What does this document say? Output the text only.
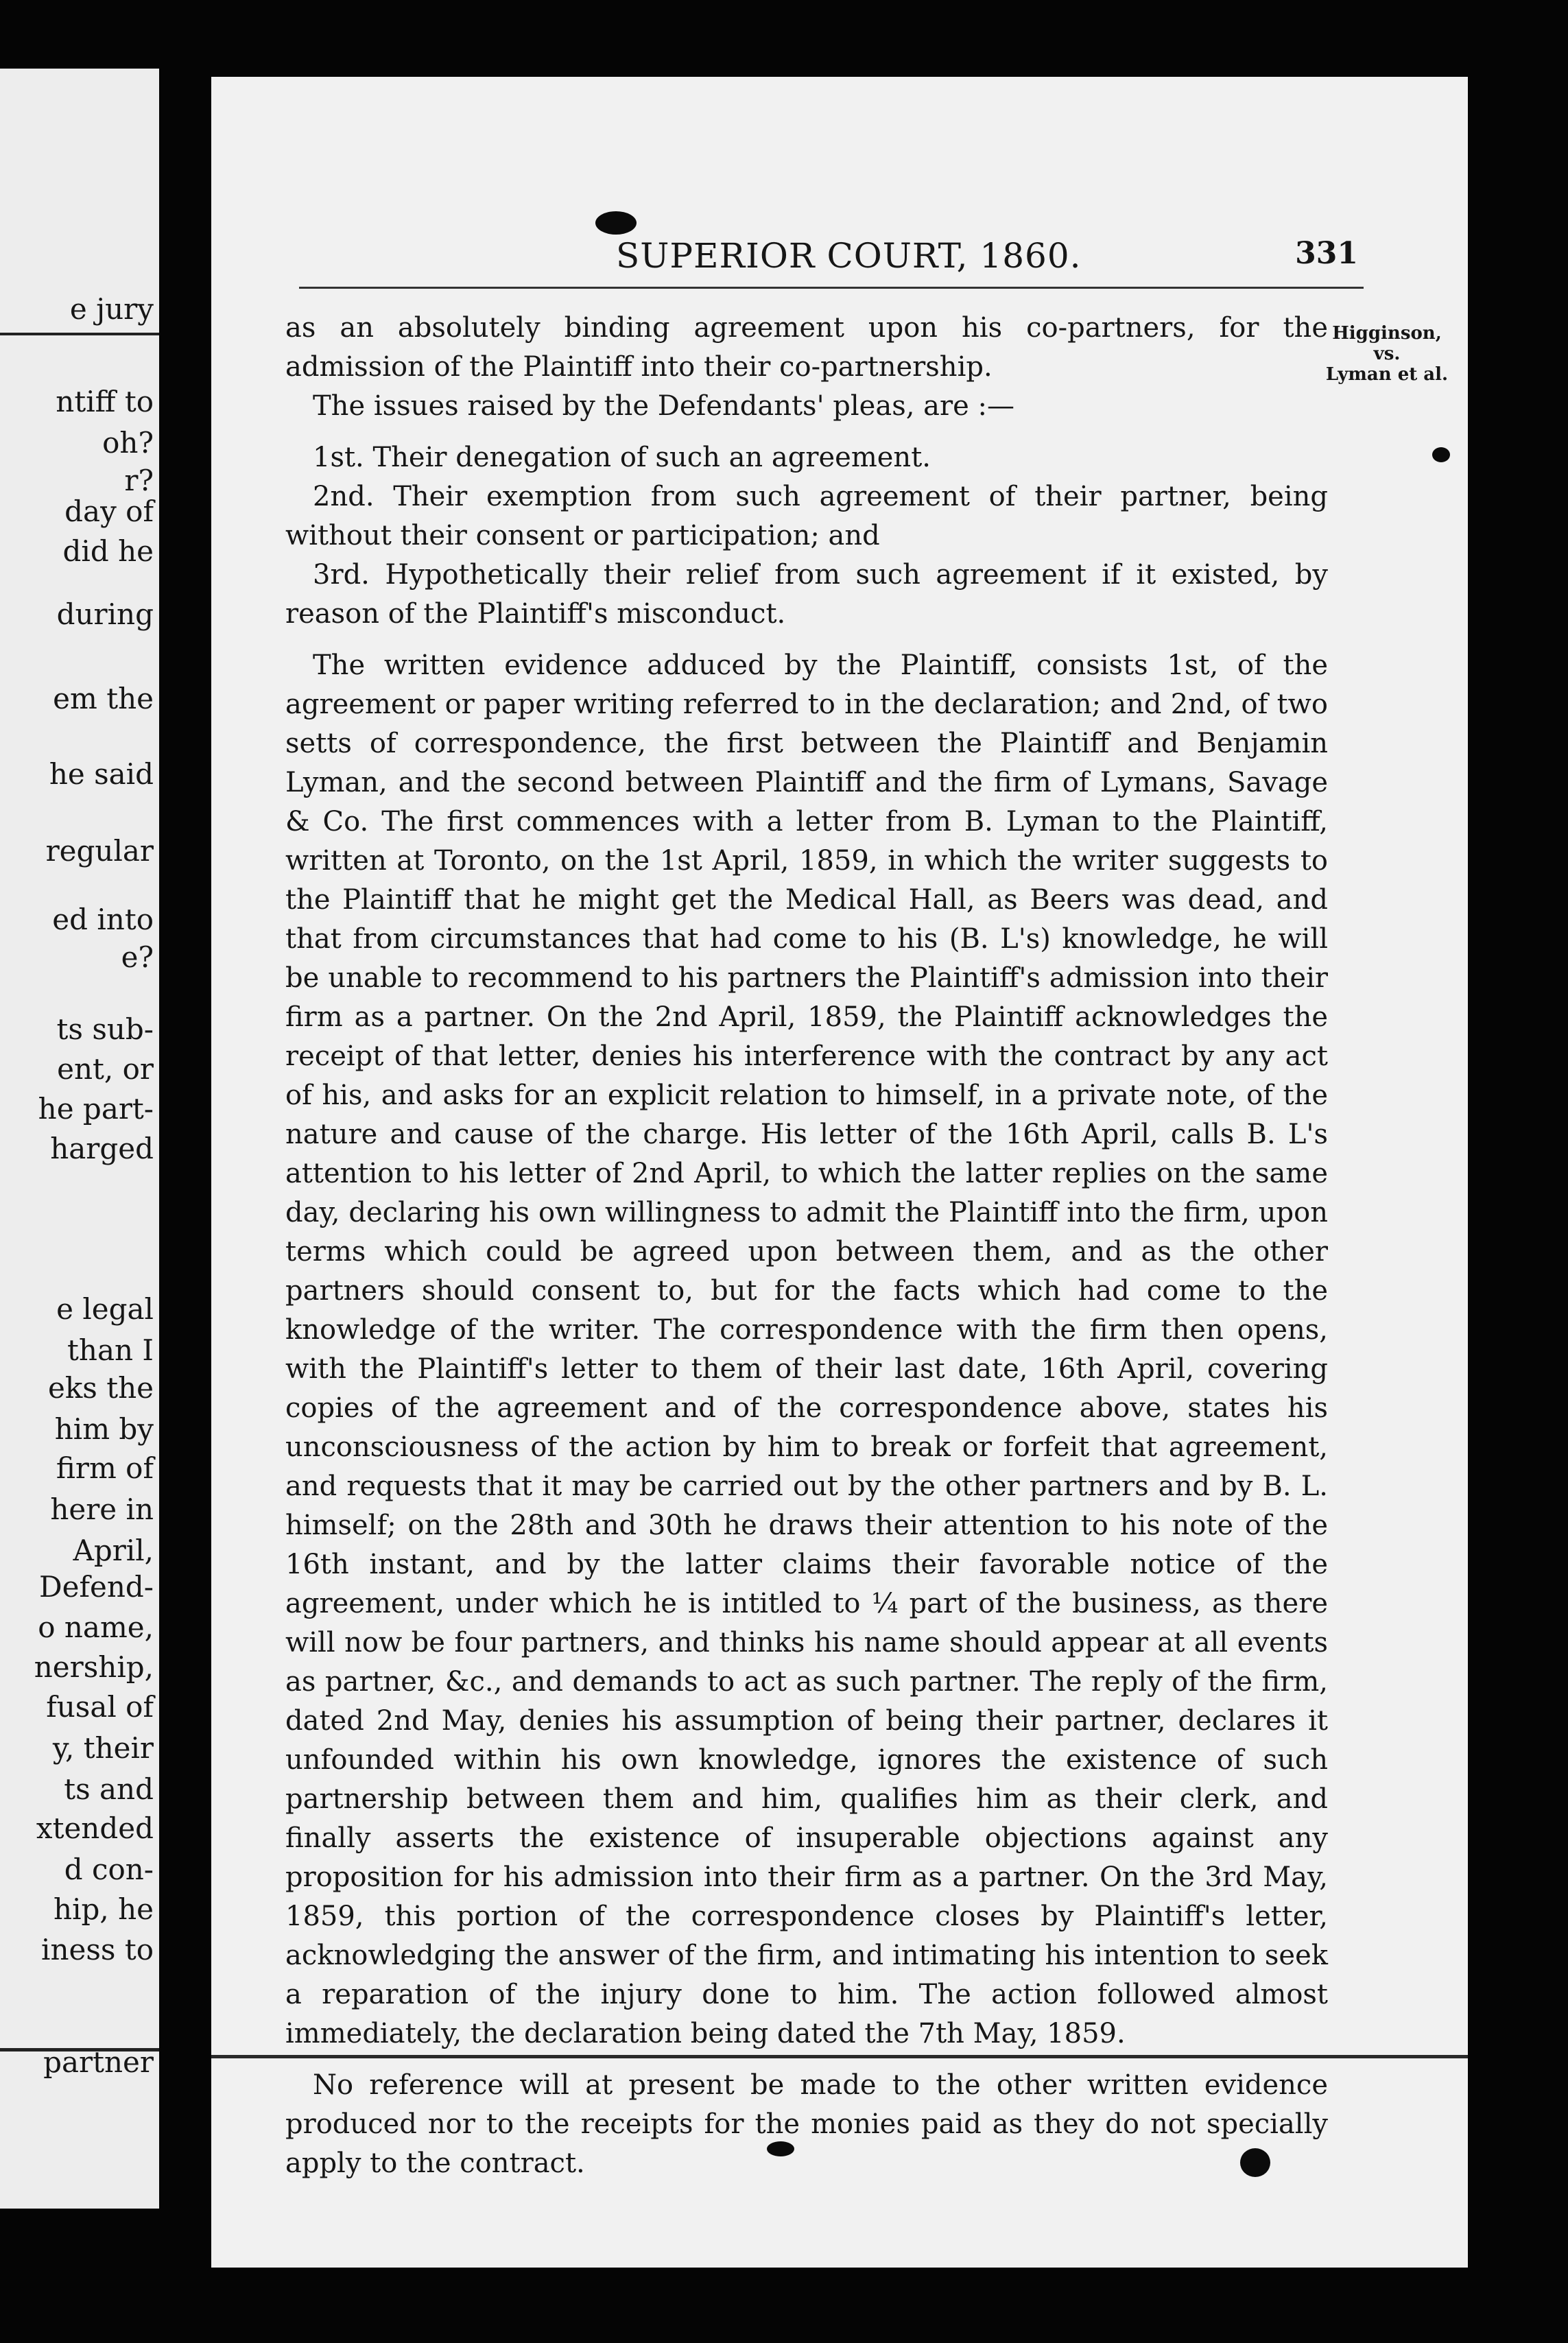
e jury
ntiff to
oh?
r?
day of
did he
during
em the
he said
regular
ed into
e?
ts sub-
ent, or
he part-
harged
e legal
than I
eks the
him by
firm of
here in
April,
Defend-
o name,
nership,
fusal of
y, their
ts and
xtended
d con-
hip, he
iness to
partner
SUPERIOR COURT, 1860.	331
Higginson,
vs.
Lyman et al.

as an absolutely binding agreement upon his co-partners, for the admission of the Plaintiff into their co-partnership.

The issues raised by the Defendants' pleas, are :—

1st. Their denegation of such an agreement.

2nd. Their exemption from such agreement of their partner, being without their consent or participation; and

3rd. Hypothetically their relief from such agreement if it existed, by reason of the Plaintiff's misconduct.

The written evidence adduced by the Plaintiff, consists 1st, of the agreement or paper writing referred to in the declaration; and 2nd, of two setts of correspondence, the first between the Plaintiff and Benjamin Lyman, and the second between Plaintiff and the firm of Lymans, Savage & Co. The first commences with a letter from B. Lyman to the Plaintiff, written at Toronto, on the 1st April, 1859, in which the writer suggests to the Plaintiff that he might get the Medical Hall, as Beers was dead, and that from circumstances that had come to his (B. L's) knowledge, he will be unable to recommend to his partners the Plaintiff's admission into their firm as a partner. On the 2nd April, 1859, the Plaintiff acknowledges the receipt of that letter, denies his interference with the contract by any act of his, and asks for an explicit relation to himself, in a private note, of the nature and cause of the charge. His letter of the 16th April, calls B. L's attention to his letter of 2nd April, to which the latter replies on the same day, declaring his own willingness to admit the Plaintiff into the firm, upon terms which could be agreed upon between them, and as the other partners should consent to, but for the facts which had come to the knowledge of the writer. The correspondence with the firm then opens, with the Plaintiff's letter to them of their last date, 16th April, covering copies of the agreement and of the correspondence above, states his unconsciousness of the action by him to break or forfeit that agreement, and requests that it may be carried out by the other partners and by B. L. himself; on the 28th and 30th he draws their attention to his note of the 16th instant, and by the latter claims their favorable notice of the agreement, under which he is intitled to ¼ part of the business, as there will now be four partners, and thinks his name should appear at all events as partner, &c., and demands to act as such partner. The reply of the firm, dated 2nd May, denies his assumption of being their partner, declares it unfounded within his own knowledge, ignores the existence of such partnership between them and him, qualifies him as their clerk, and finally asserts the existence of insuperable objections against any proposition for his admission into their firm as a partner. On the 3rd May, 1859, this portion of the correspondence closes by Plaintiff's letter, acknowledging the answer of the firm, and intimating his intention to seek a reparation of the injury done to him. The action followed almost immediately, the declaration being dated the 7th May, 1859.

No reference will at present be made to the other written evidence produced nor to the receipts for the monies paid as they do not specially apply to the contract.
